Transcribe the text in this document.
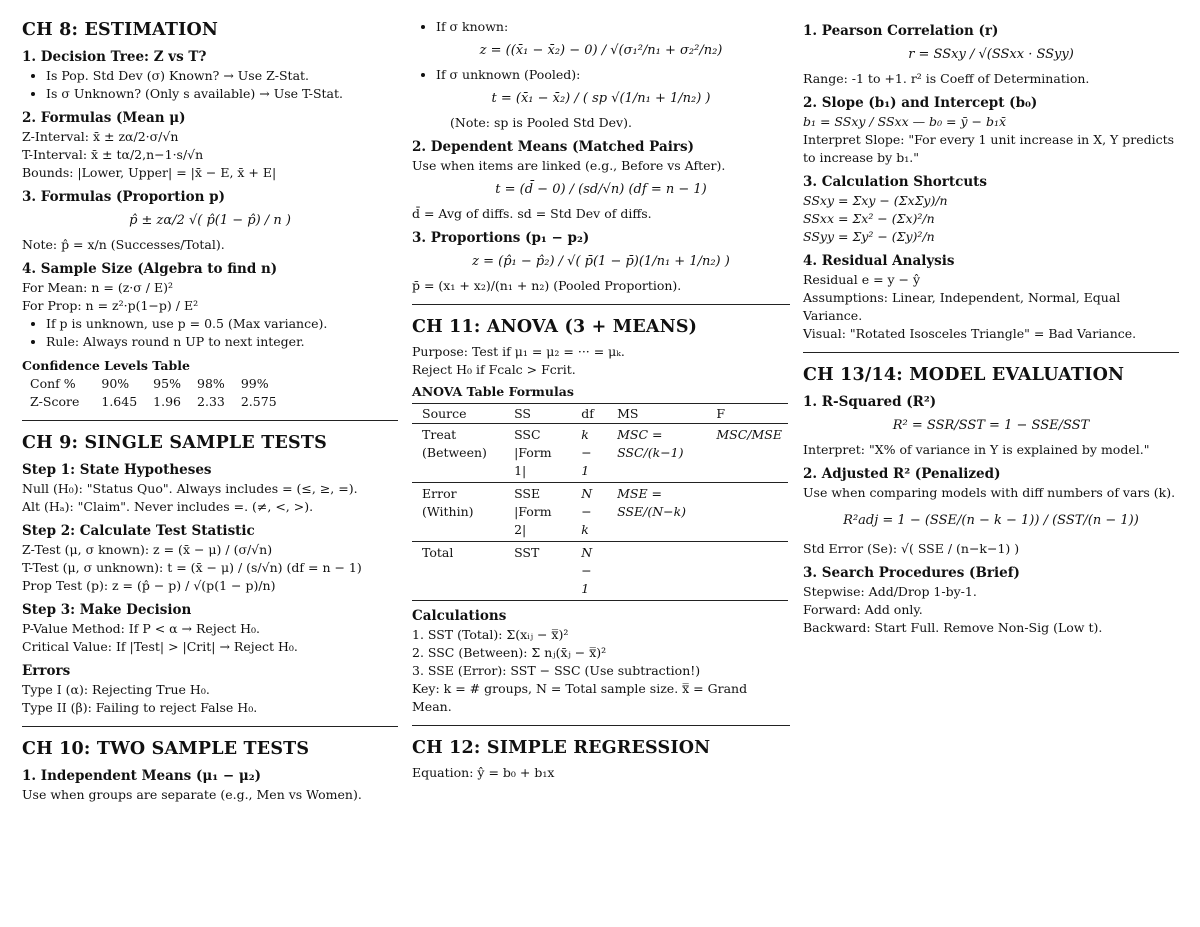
CH 8: ESTIMATION
1. Decision Tree: Z vs T?
• Is Pop. Std Dev (σ) Known? → Use Z-Stat.
• Is σ Unknown? (Only s available) → Use T-Stat.
2. Formulas (Mean μ)
Z-Interval: x̄ ± zα/2·σ/√n
T-Interval: x̄ ± tα/2,n−1·s/√n
Bounds: |Lower, Upper| = |x̄ − E, x̄ + E|
3. Formulas (Proportion p)
p̂ ± zα/2 √( p̂(1 − p̂) / n )
Note: p̂ = x/n (Successes/Total).
4. Sample Size (Algebra to find n)
For Mean: n = (z·σ / E)²
For Prop: n = z²·p(1−p) / E²
• If p is unknown, use p = 0.5 (Max variance).
• Rule: Always round n UP to next integer.
Confidence Levels Table
Conf %	90%	95%	98%	99%
Z-Score	1.645	1.96	2.33	2.575
CH 9: SINGLE SAMPLE TESTS
Step 1: State Hypotheses
Null (H₀): "Status Quo". Always includes = (≤, ≥, =).
Alt (Hₐ): "Claim". Never includes =. (≠, <, >).
Step 2: Calculate Test Statistic
Z-Test (μ, σ known): z = (x̄ − μ) / (σ/√n)
T-Test (μ, σ unknown): t = (x̄ − μ) / (s/√n) (df = n − 1)
Prop Test (p): z = (p̂ − p) / √(p(1 − p)/n)
Step 3: Make Decision
P-Value Method: If P < α → Reject H₀.
Critical Value: If |Test| > |Crit| → Reject H₀.
Errors
Type I (α): Rejecting True H₀.
Type II (β): Failing to reject False H₀.
CH 10: TWO SAMPLE TESTS
1. Independent Means (μ₁ − μ₂)
Use when groups are separate (e.g., Men vs Women).
• If σ known:
z = ((x̄₁ − x̄₂) − 0) / √(σ₁²/n₁ + σ₂²/n₂)
• If σ unknown (Pooled):
t = (x̄₁ − x̄₂) / ( sp √(1/n₁ + 1/n₂) )
(Note: sp is Pooled Std Dev).
2. Dependent Means (Matched Pairs)
Use when items are linked (e.g., Before vs After).
t = (d̄ − 0) / (sd/√n) (df = n − 1)
d̄ = Avg of diffs. sd = Std Dev of diffs.
3. Proportions (p₁ − p₂)
z = (p̂₁ − p̂₂) / √( p̄(1 − p̄)(1/n₁ + 1/n₂) )
p̄ = (x₁ + x₂)/(n₁ + n₂) (Pooled Proportion).
CH 11: ANOVA (3 + MEANS)
Purpose: Test if μ₁ = μ₂ = ··· = μₖ.
Reject H₀ if Fcalc > Fcrit.
ANOVA Table Formulas
Source	SS	df	MS	F
Treat (Between)	SSC |Form 1|	k − 1	MSC = SSC/(k−1)	MSC/MSE
Error (Within)	SSE |Form 2|	N − k	MSE = SSE/(N−k)	
Total	SST	N − 1		
Calculations
1. SST (Total): Σ(xᵢⱼ − x̿)²
2. SSC (Between): Σ nⱼ(x̄ⱼ − x̿)²
3. SSE (Error): SST − SSC (Use subtraction!)
Key: k = # groups, N = Total sample size. x̿ = Grand Mean.
CH 12: SIMPLE REGRESSION
Equation: ŷ = b₀ + b₁x
1. Pearson Correlation (r)
r = SSxy / √(SSxx · SSyy)
Range: -1 to +1. r² is Coeff of Determination.
2. Slope (b₁) and Intercept (b₀)
b₁ = SSxy / SSxx — b₀ = ȳ − b₁x̄
Interpret Slope: "For every 1 unit increase in X, Y predicts to increase by b₁."
3. Calculation Shortcuts
SSxy = Σxy − (ΣxΣy)/n
SSxx = Σx² − (Σx)²/n
SSyy = Σy² − (Σy)²/n
4. Residual Analysis
Residual e = y − ŷ
Assumptions: Linear, Independent, Normal, Equal Variance.
Visual: "Rotated Isosceles Triangle" = Bad Variance.
CH 13/14: MODEL EVALUATION
1. R-Squared (R²)
R² = SSR/SST = 1 − SSE/SST
Interpret: "X% of variance in Y is explained by model."
2. Adjusted R² (Penalized)
Use when comparing models with diff numbers of vars (k).
R²adj = 1 − (SSE/(n − k − 1)) / (SST/(n − 1))
Std Error (Se): √( SSE / (n−k−1) )
3. Search Procedures (Brief)
Stepwise: Add/Drop 1-by-1.
Forward: Add only.
Backward: Start Full. Remove Non-Sig (Low t).
